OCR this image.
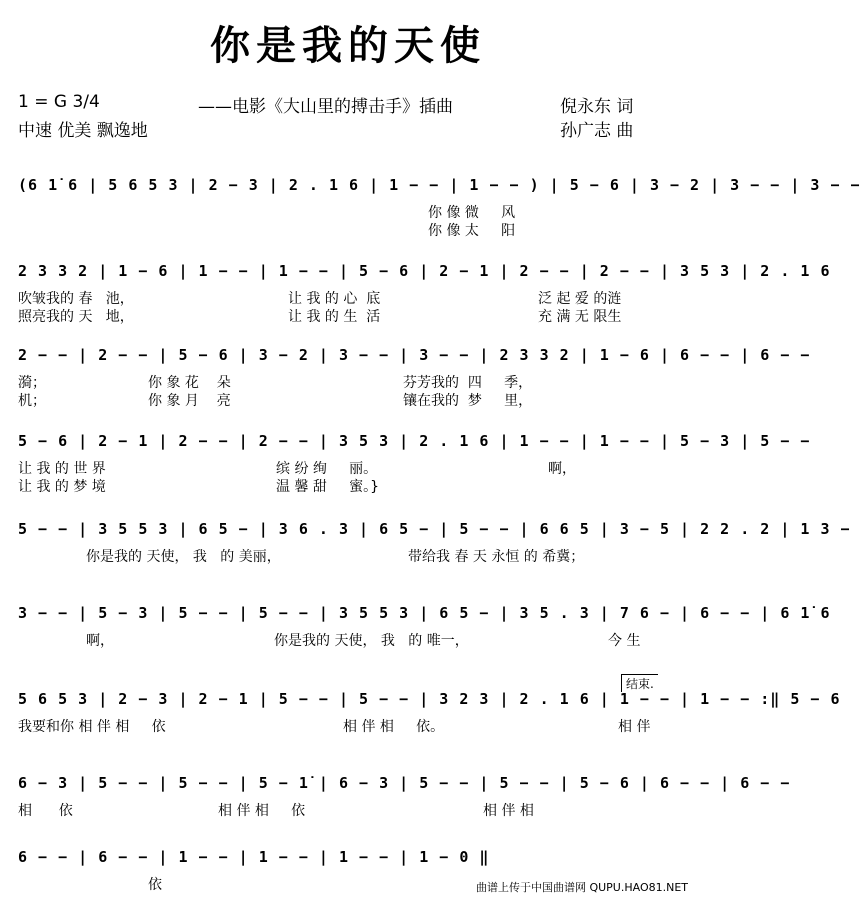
你是我的天使
1 = G 3/4	——电影《大山里的搏击手》插曲	倪永东 词
中速 优美 飘逸地	孙广志 曲
(6 1̇ 6 | 5 6 5 3 | 2 − 3 | 2 . 1 6 | 1 − − | 1 − − ) | 5 − 6 | 3 − 2 | 3 − − | 3 − −
你 像 微     风
你 像 太     阳
2 3 3 2 | 1 − 6 | 1 − − | 1 − − | 5 − 6 | 2 − 1 | 2 − − | 2 − − | 3 5 3 | 2 . 1 6
吹皱我的 春   池，	让 我 的 心  底	泛 起 爱 的涟
照亮我的 天   地，	让 我 的 生  活	充 满 无 限生
2 − − | 2 − − | 5 − 6 | 3 − 2 | 3 − − | 3 − − | 2 3 3 2 | 1 − 6 | 6 − − | 6 − −
漪；	你 象 花    朵	芬芳我的  四     季，
机；	你 象 月    亮	镶在我的  梦     里，
5 − 6 | 2 − 1 | 2 − − | 2 − − | 3 5 3 | 2 . 1 6 | 1 − − | 1 − − | 5 − 3 | 5 − −
让 我 的 世 界	缤 纷 绚     丽。	啊，
让 我 的 梦 境	温 馨 甜     蜜。}
5 − − | 3 5 5 3 | 6 5 − | 3 6 . 3 | 6 5 − | 5 − − | 6 6 5 | 3 − 5 | 2 2 . 2 | 1 3 −
你是我的 天使， 我   的 美丽，	带给我 春 天 永恒 的 希冀；
3 − − | 5 − 3 | 5 − − | 5 − − | 3 5 5 3 | 6 5 − | 3 5 . 3 | 7 6 − | 6 − − | 6 1̇ 6
啊，	你是我的 天使， 我   的 唯一，	今 生
5 6 5 3 | 2 − 3 | 2 − 1 | 5 − − | 5 − − | 3 2 3 | 2 . 1 6 | 1 − − | 1 − − :‖ 5 − 6
我要和你 相 伴 相     依	相 伴 相     依。	相 伴
6 − 3 | 5 − − | 5 − − | 5 − 1̇ | 6 − 3 | 5 − − | 5 − − | 5 − 6 | 6 − − | 6 − −
相      依	相 伴 相     依	相 伴 相
6 − − | 6 − − | 1 − − | 1 − − | 1 − − | 1 − 0 ‖
依
结束.
曲谱上传于中国曲谱网 QUPU.HAO81.NET
